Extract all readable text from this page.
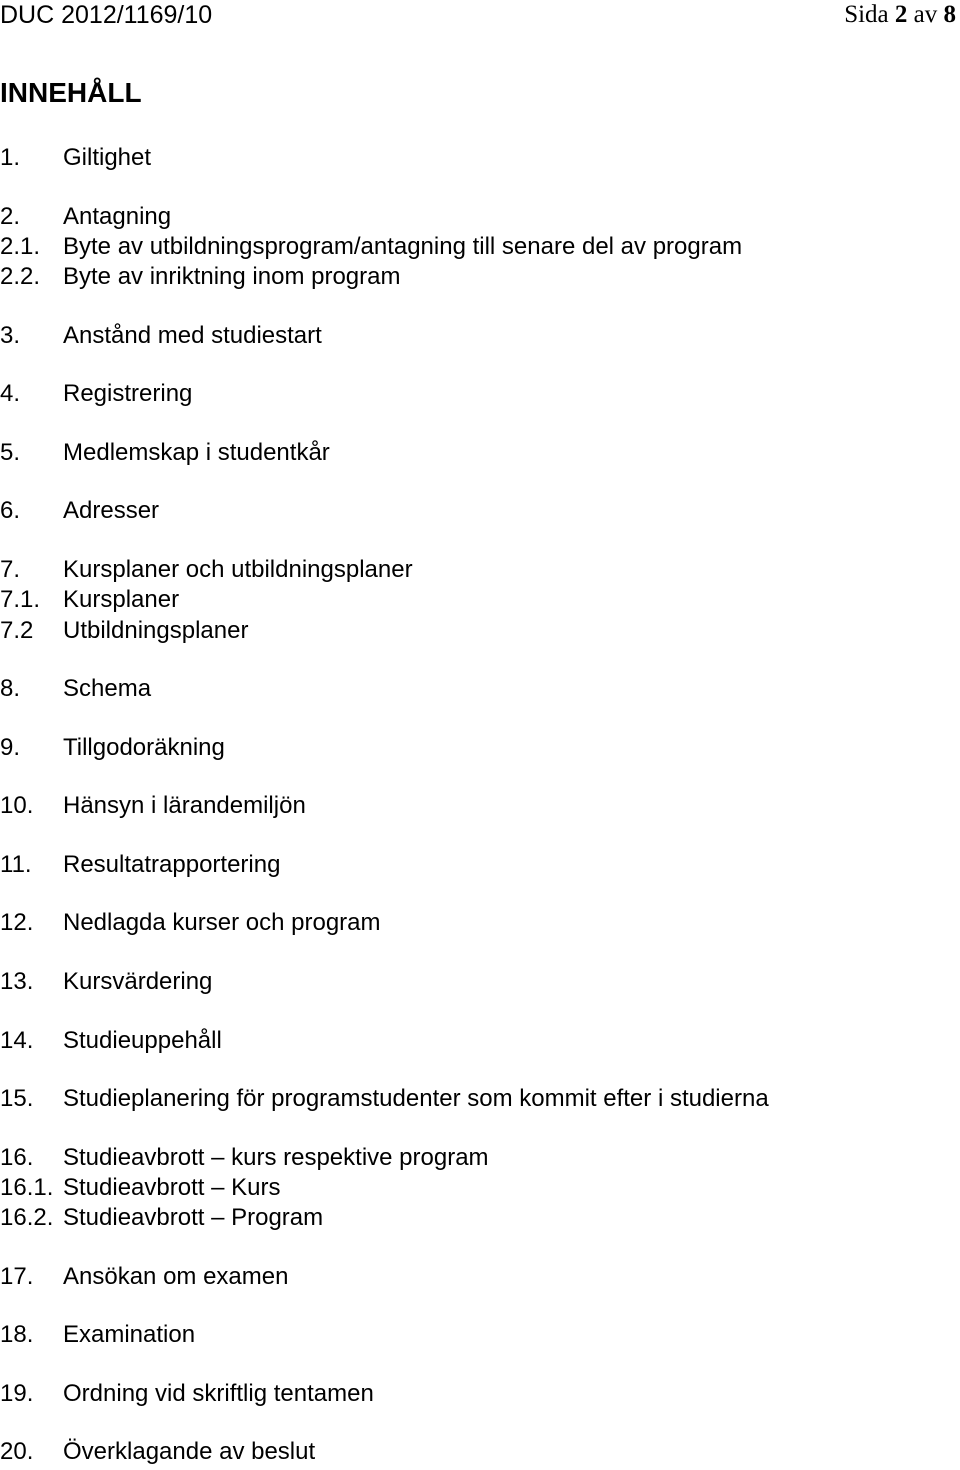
DUC 2012/1169/10	Sida 2 av 8
INNEHÅLL
1. Giltighet
2. Antagning
2.1. Byte av utbildningsprogram/antagning till senare del av program
2.2. Byte av inriktning inom program
3. Anstånd med studiestart
4. Registrering
5. Medlemskap i studentkår
6. Adresser
7. Kursplaner och utbildningsplaner
7.1. Kursplaner
7.2 Utbildningsplaner
8. Schema
9. Tillgodoräkning
10. Hänsyn i lärandemiljön
11. Resultatrapportering
12. Nedlagda kurser och program
13. Kursvärdering
14. Studieuppehåll
15. Studieplanering för programstudenter som kommit efter i studierna
16. Studieavbrott – kurs respektive program
16.1. Studieavbrott – Kurs
16.2. Studieavbrott – Program
17. Ansökan om examen
18. Examination
19. Ordning vid skriftlig tentamen
20. Överklagande av beslut
